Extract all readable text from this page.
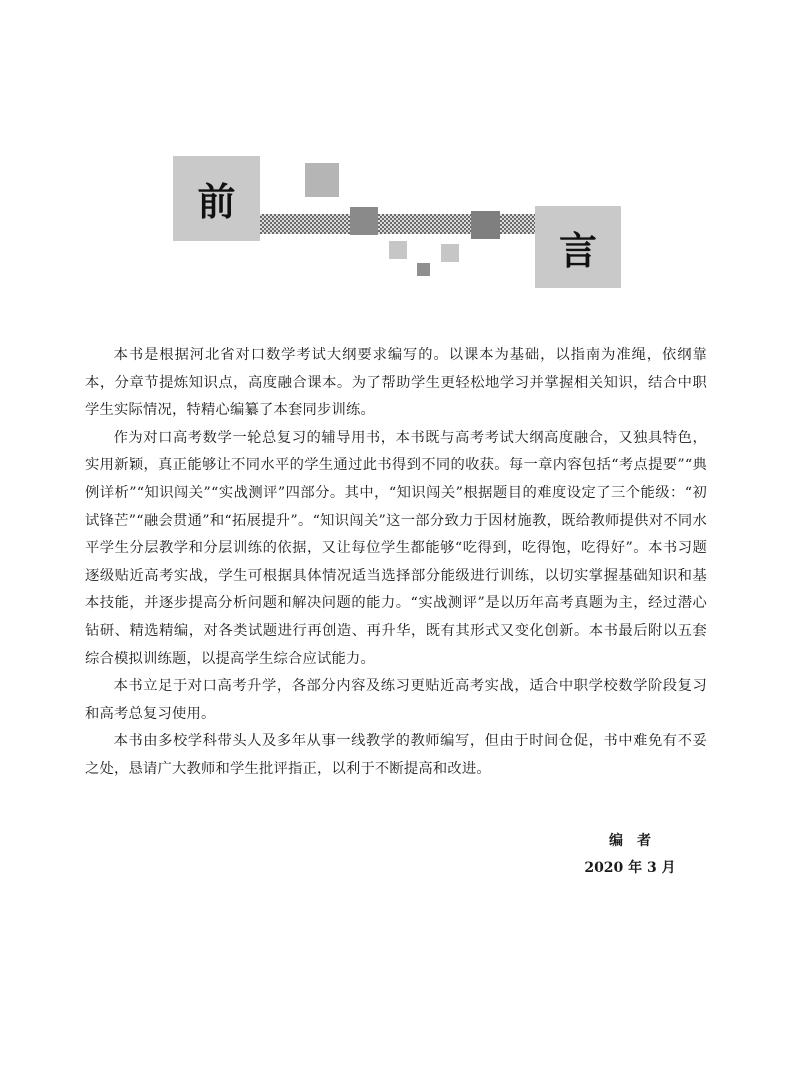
前
言

本书是根据河北省对口数学考试大纲要求编写的。以课本为基础，以指南为准绳，依纲靠本，分章节提炼知识点，高度融合课本。为了帮助学生更轻松地学习并掌握相关知识，结合中职学生实际情况，特精心编纂了本套同步训练。

作为对口高考数学一轮总复习的辅导用书，本书既与高考考试大纲高度融合，又独具特色，实用新颖，真正能够让不同水平的学生通过此书得到不同的收获。每一章内容包括“考点提要”“典例详析”“知识闯关”“实战测评”四部分。其中，“知识闯关”根据题目的难度设定了三个能级：“初试锋芒”“融会贯通”和“拓展提升”。“知识闯关”这一部分致力于因材施教，既给教师提供对不同水平学生分层教学和分层训练的依据，又让每位学生都能够“吃得到，吃得饱，吃得好”。本书习题逐级贴近高考实战，学生可根据具体情况适当选择部分能级进行训练，以切实掌握基础知识和基本技能，并逐步提高分析问题和解决问题的能力。“实战测评”是以历年高考真题为主，经过潜心钻研、精选精编，对各类试题进行再创造、再升华，既有其形式又变化创新。本书最后附以五套综合模拟训练题，以提高学生综合应试能力。

本书立足于对口高考升学，各部分内容及练习更贴近高考实战，适合中职学校数学阶段复习和高考总复习使用。

本书由多校学科带头人及多年从事一线教学的教师编写，但由于时间仓促，书中难免有不妥之处，恳请广大教师和学生批评指正，以利于不断提高和改进。

编者
2020 年 3 月
